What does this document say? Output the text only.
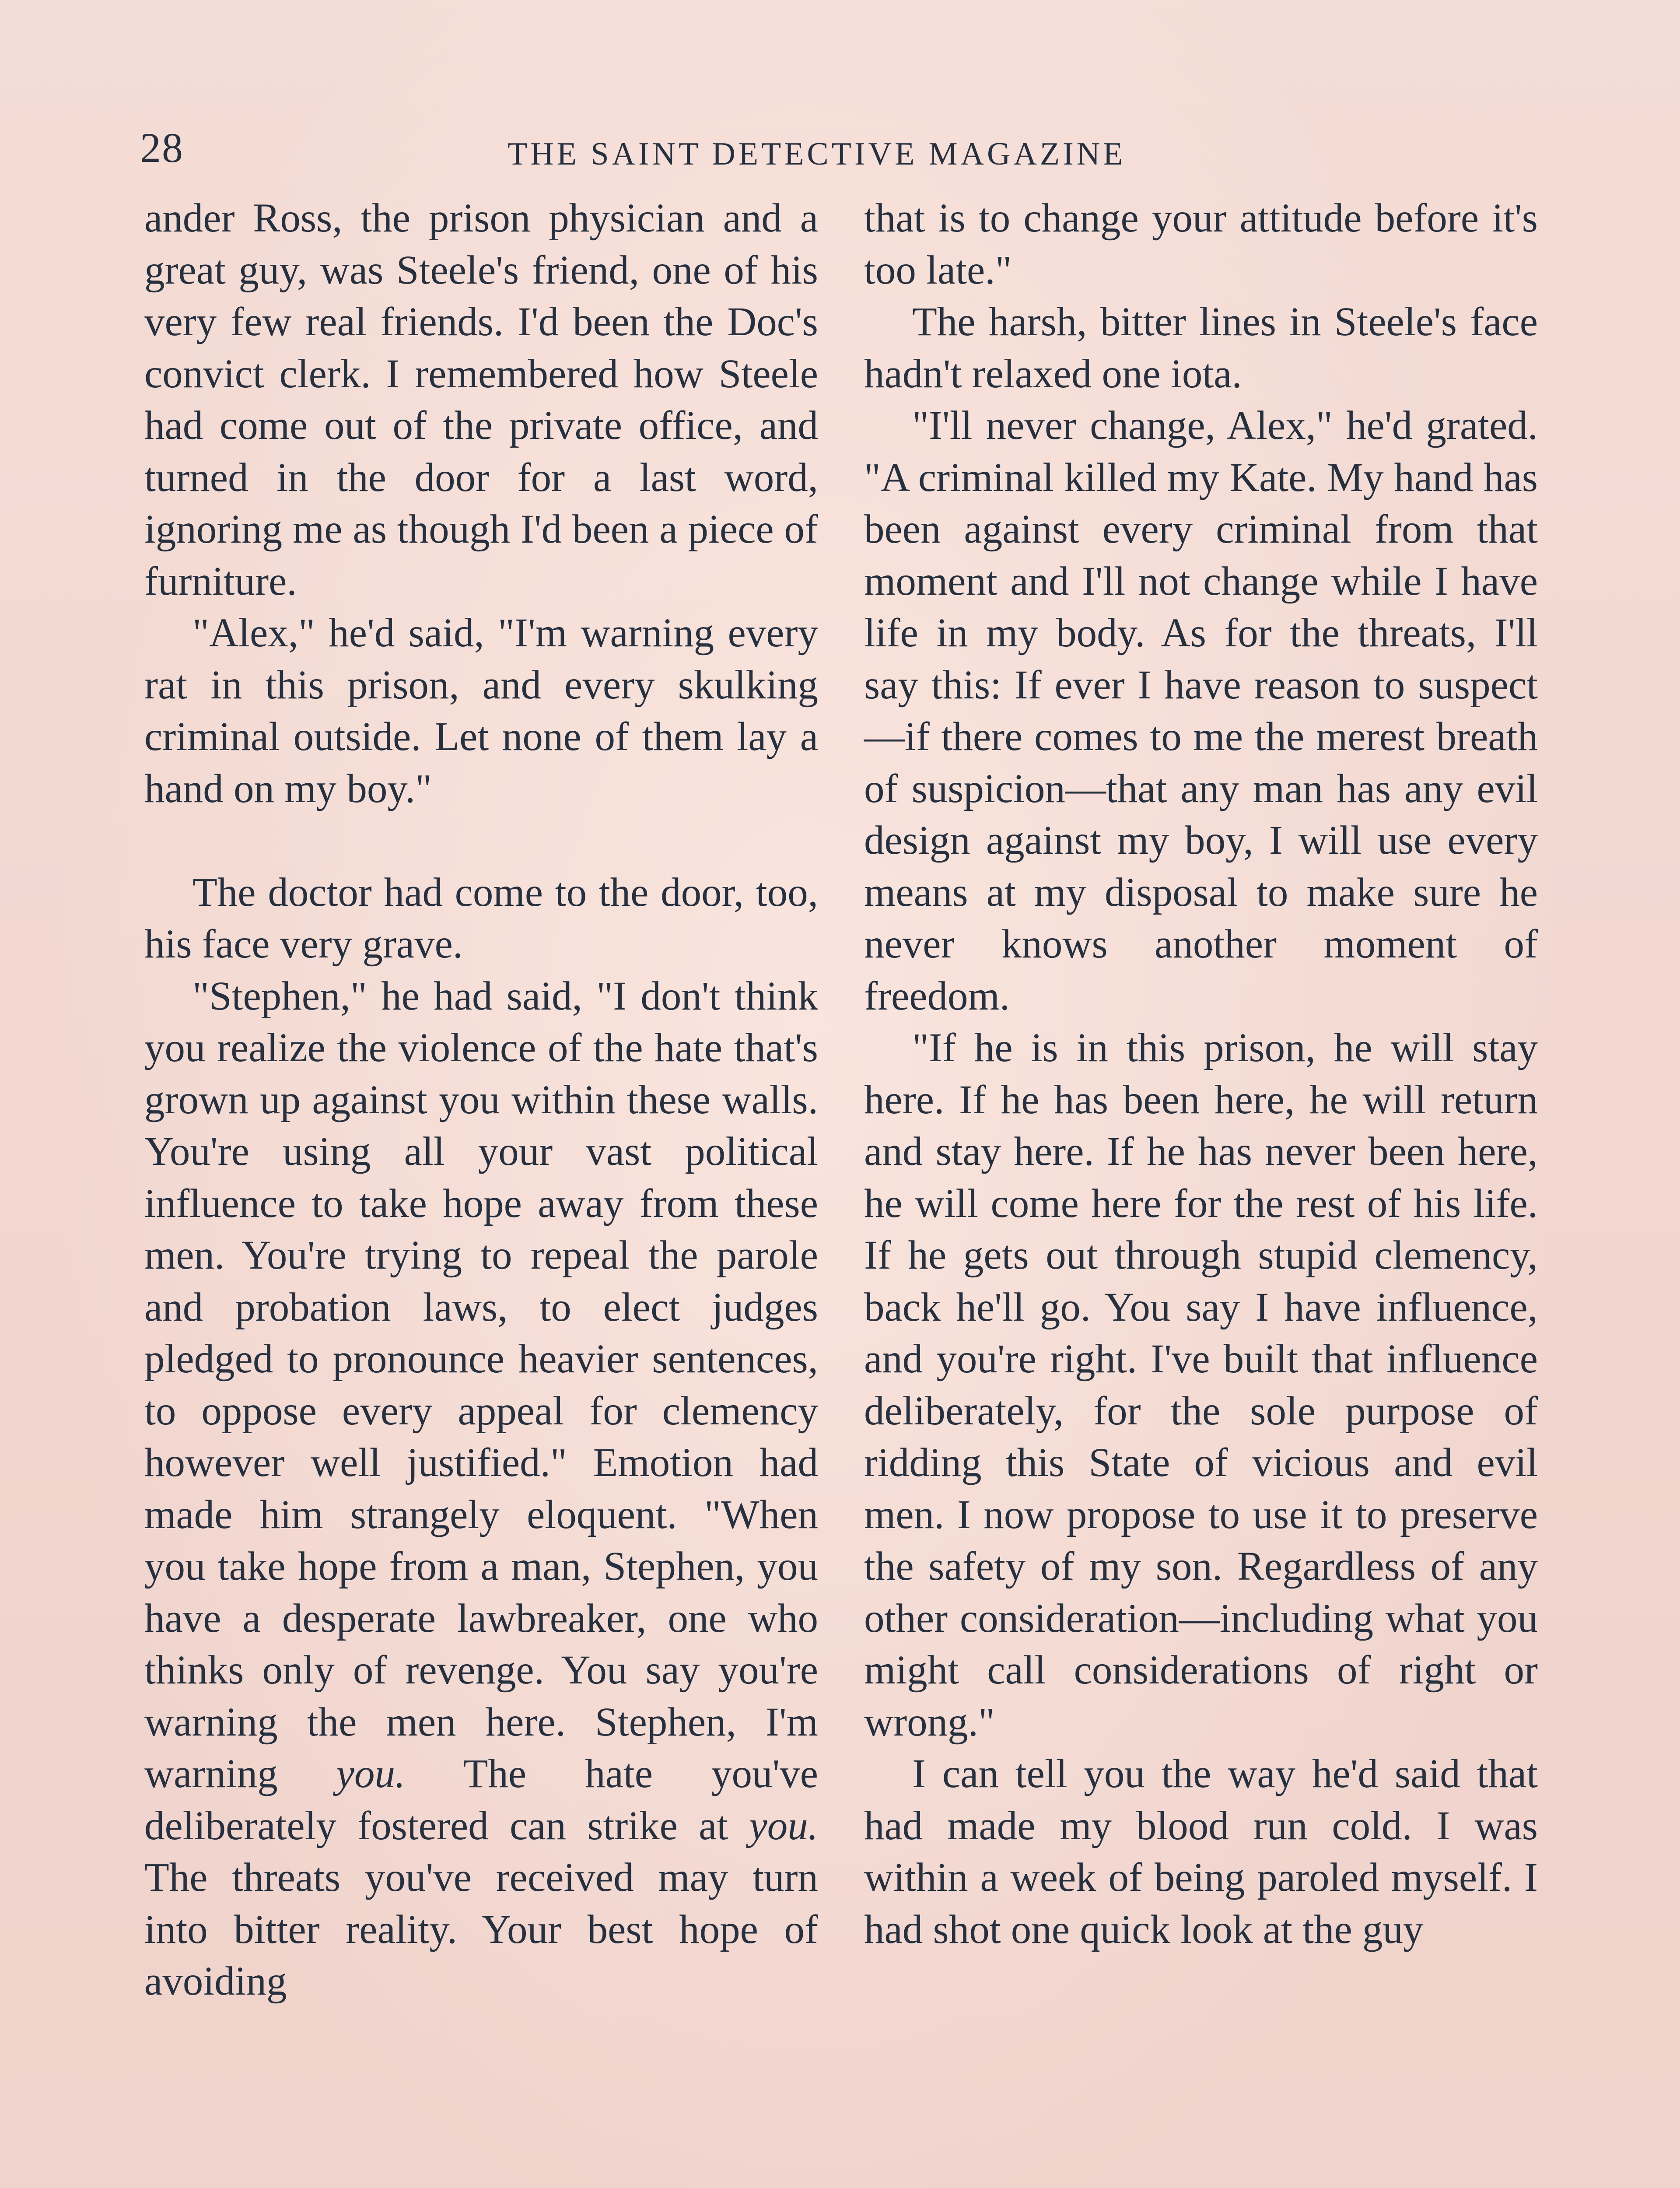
28	THE SAINT DETECTIVE MAGAZINE

ander Ross, the prison physician and a great guy, was Steele's friend, one of his very few real friends. I'd been the Doc's convict clerk. I remembered how Steele had come out of the private office, and turned in the door for a last word, ignoring me as though I'd been a piece of furniture.

"Alex," he'd said, "I'm warning every rat in this prison, and every skulking criminal outside. Let none of them lay a hand on my boy."

The doctor had come to the door, too, his face very grave.

"Stephen," he had said, "I don't think you realize the violence of the hate that's grown up against you within these walls. You're using all your vast political influence to take hope away from these men. You're trying to repeal the parole and probation laws, to elect judges pledged to pronounce heavier sentences, to oppose every appeal for clemency however well justified." Emotion had made him strangely eloquent. "When you take hope from a man, Stephen, you have a desperate lawbreaker, one who thinks only of revenge. You say you're warning the men here. Stephen, I'm warning you. The hate you've deliberately fostered can strike at you. The threats you've received may turn into bitter reality. Your best hope of avoiding

that is to change your attitude before it's too late."

The harsh, bitter lines in Steele's face hadn't relaxed one iota.

"I'll never change, Alex," he'd grated. "A criminal killed my Kate. My hand has been against every criminal from that moment and I'll not change while I have life in my body. As for the threats, I'll say this: If ever I have reason to suspect—if there comes to me the merest breath of suspicion—that any man has any evil design against my boy, I will use every means at my disposal to make sure he never knows another moment of freedom.

"If he is in this prison, he will stay here. If he has been here, he will return and stay here. If he has never been here, he will come here for the rest of his life. If he gets out through stupid clemency, back he'll go. You say I have influence, and you're right. I've built that influence deliberately, for the sole purpose of ridding this State of vicious and evil men. I now propose to use it to preserve the safety of my son. Regardless of any other consideration—including what you might call considerations of right or wrong."

I can tell you the way he'd said that had made my blood run cold. I was within a week of being paroled myself. I had shot one quick look at the guy
